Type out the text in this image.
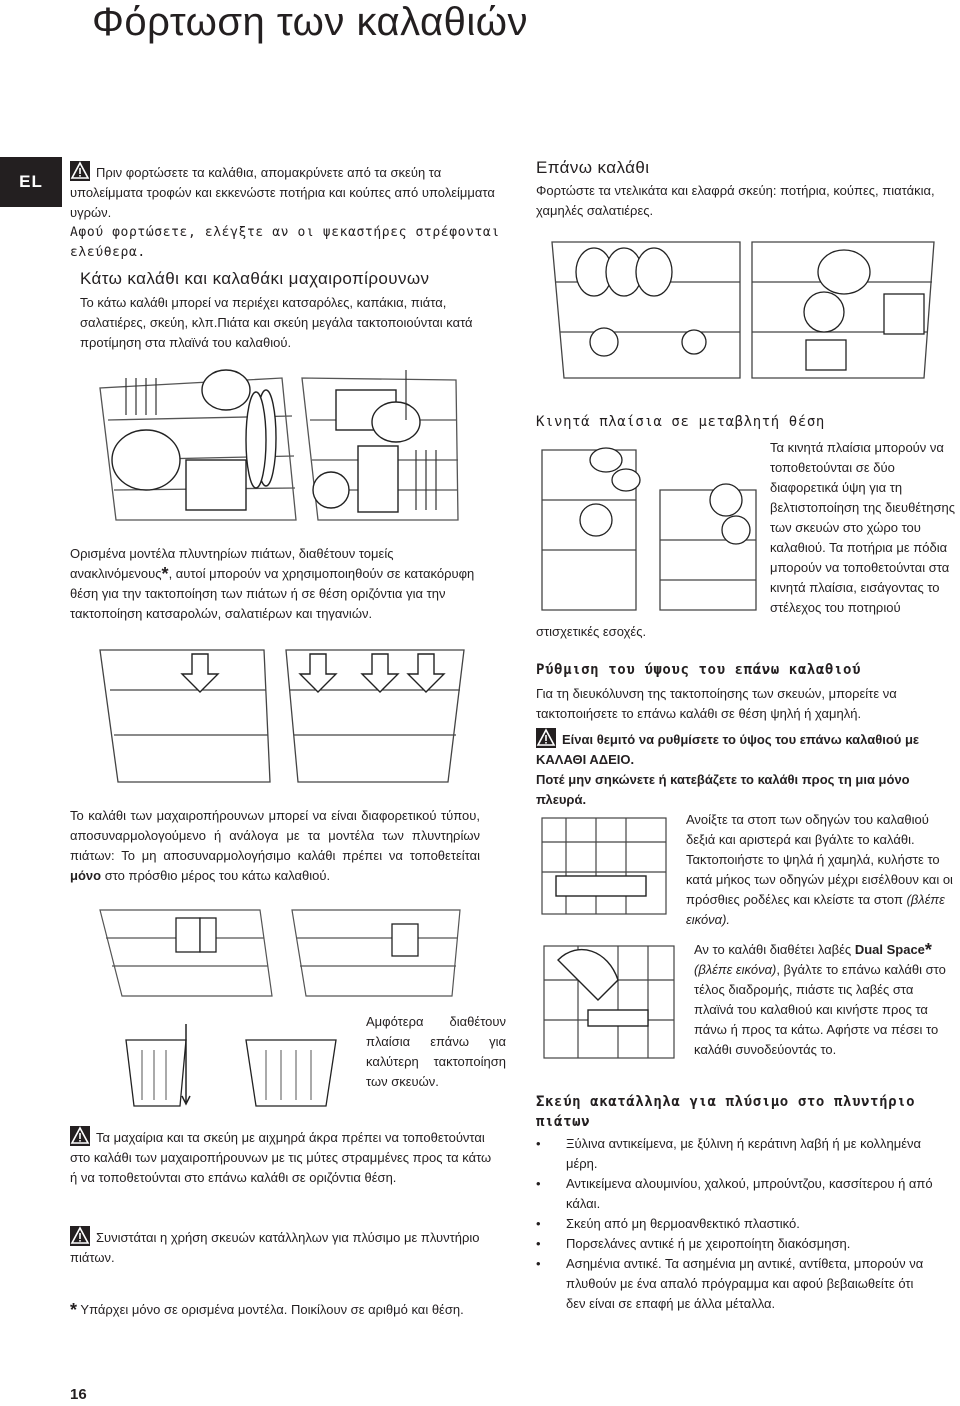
Φόρτωση των καλαθιών
EL	Πριν φορτώσετε τα καλάθια, απομακρύνετε από τα σκεύη τα υπολείμματα τροφών και εκκενώστε ποτήρια και κούπες από υπολείμματα υγρών.
Αφού φορτώσετε, ελέγξτε αν οι ψεκαστήρες στρέφονται ελεύθερα.
Κάτω καλάθι και καλαθάκι μαχαιροπίρουνων
Το κάτω καλάθι μπορεί να περιέχει κατσαρόλες, καπάκια, πιάτα, σαλατιέρες, σκεύη, κλπ.Πιάτα και σκεύη μεγάλα τακτοποιούνται κατά προτίμηση στα πλαϊνά του καλαθιού.
Ορισμένα μοντέλα πλυντηρίων πιάτων, διαθέτουν τομείς ανακλινόμενους*, αυτοί μπορούν να χρησιμοποιηθούν σε κατακόρυφη θέση για την τακτοποίηση των πιάτων ή σε θέση οριζόντια για την τακτοποίηση κατσαρολών, σαλατιέρων και τηγανιών.
Το καλάθι των μαχαιροπήρουνων μπορεί να είναι διαφορετικού τύπου, αποσυναρμολογούμενο ή ανάλογα με τα μοντέλα των πλυντηρίων πιάτων: Το μη αποσυναρμολογήσιμο καλάθι πρέπει να τοποθετείται μόνο στο πρόσθιο μέρος του κάτω καλαθιού.
Αμφότερα διαθέτουν πλαίσια επάνω για καλύτερη τακτοποίηση των σκευών.
Τα μαχαίρια και τα σκεύη με αιχμηρά άκρα πρέπει να τοποθετούνται στο καλάθι των μαχαιροπήρουνων με τις μύτες στραμμένες προς τα κάτω ή να τοποθετούνται στο επάνω καλάθι σε οριζόντια θέση.
Συνιστάται η χρήση σκευών κατάλληλων για πλύσιμο με πλυντήριο πιάτων.
* Υπάρχει μόνο σε ορισμένα μοντέλα. Ποικίλουν σε αριθμό και θέση.
16
Επάνω καλάθι
Φορτώστε τα ντελικάτα και ελαφρά σκεύη: ποτήρια, κούπες, πιατάκια, χαμηλές σαλατιέρες.
Κινητά πλαίσια σε μεταβλητή θέση
Τα κινητά πλαίσια μπορούν να τοποθετούνται σε δύο διαφορετικά ύψη για τη βελτιστοποίηση της διευθέτησης των σκευών στο χώρο του καλαθιού. Τα ποτήρια με πόδια μπορούν να τοποθετούνται στα κινητά πλαίσια, εισάγοντας το στέλεχος του ποτηριού
στισχετικές εσοχές.
Ρύθμιση του ύψους του επάνω καλαθιού
Για τη διευκόλυνση της τακτοποίησης των σκευών, μπορείτε να τακτοποιήσετε το επάνω καλάθι σε θέση ψηλή ή χαμηλή.
Είναι θεμιτό να ρυθμίσετε το ύψος του επάνω καλαθιού με ΚΑΛΑΘΙ ΑΔΕΙΟ.
Ποτέ μην σηκώνετε ή κατεβάζετε το καλάθι προς τη μια μόνο πλευρά.
Ανοίξτε τα στοπ των οδηγών του καλαθιού δεξιά και αριστερά και βγάλτε το καλάθι. Τακτοποιήστε το ψηλά ή χαμηλά, κυλήστε το κατά μήκος των οδηγών μέχρι εισέλθουν και οι πρόσθιες ροδέλες και κλείστε τα στοπ (βλέπε εικόνα).
Αν το καλάθι διαθέτει λαβές Dual Space* (βλέπε εικόνα), βγάλτε το επάνω καλάθι στο τέλος διαδρομής, πιάστε τις λαβές στα πλαϊνά του καλαθιού και κινήστε προς τα πάνω ή προς τα κάτω. Αφήστε να πέσει το καλάθι συνοδεύοντάς το.
Σκεύη ακατάλληλα για πλύσιμο στο πλυντήριο πιάτων
• Ξύλινα αντικείμενα, με ξύλινη ή κεράτινη λαβή ή με κολλημένα μέρη.
• Αντικείμενα αλουμινίου, χαλκού, μπρούντζου, κασσίτερου ή από κάλαι.
• Σκεύη από μη θερμοανθεκτικό πλαστικό.
• Πορσελάνες αντικέ ή με χειροποίητη διακόσμηση.
• Ασημένια αντικέ. Τα ασημένια μη αντικέ, αντίθετα, μπορούν να πλυθούν με ένα απαλό πρόγραμμα και αφού βεβαιωθείτε ότι δεν είναι σε επαφή με άλλα μέταλλα.
